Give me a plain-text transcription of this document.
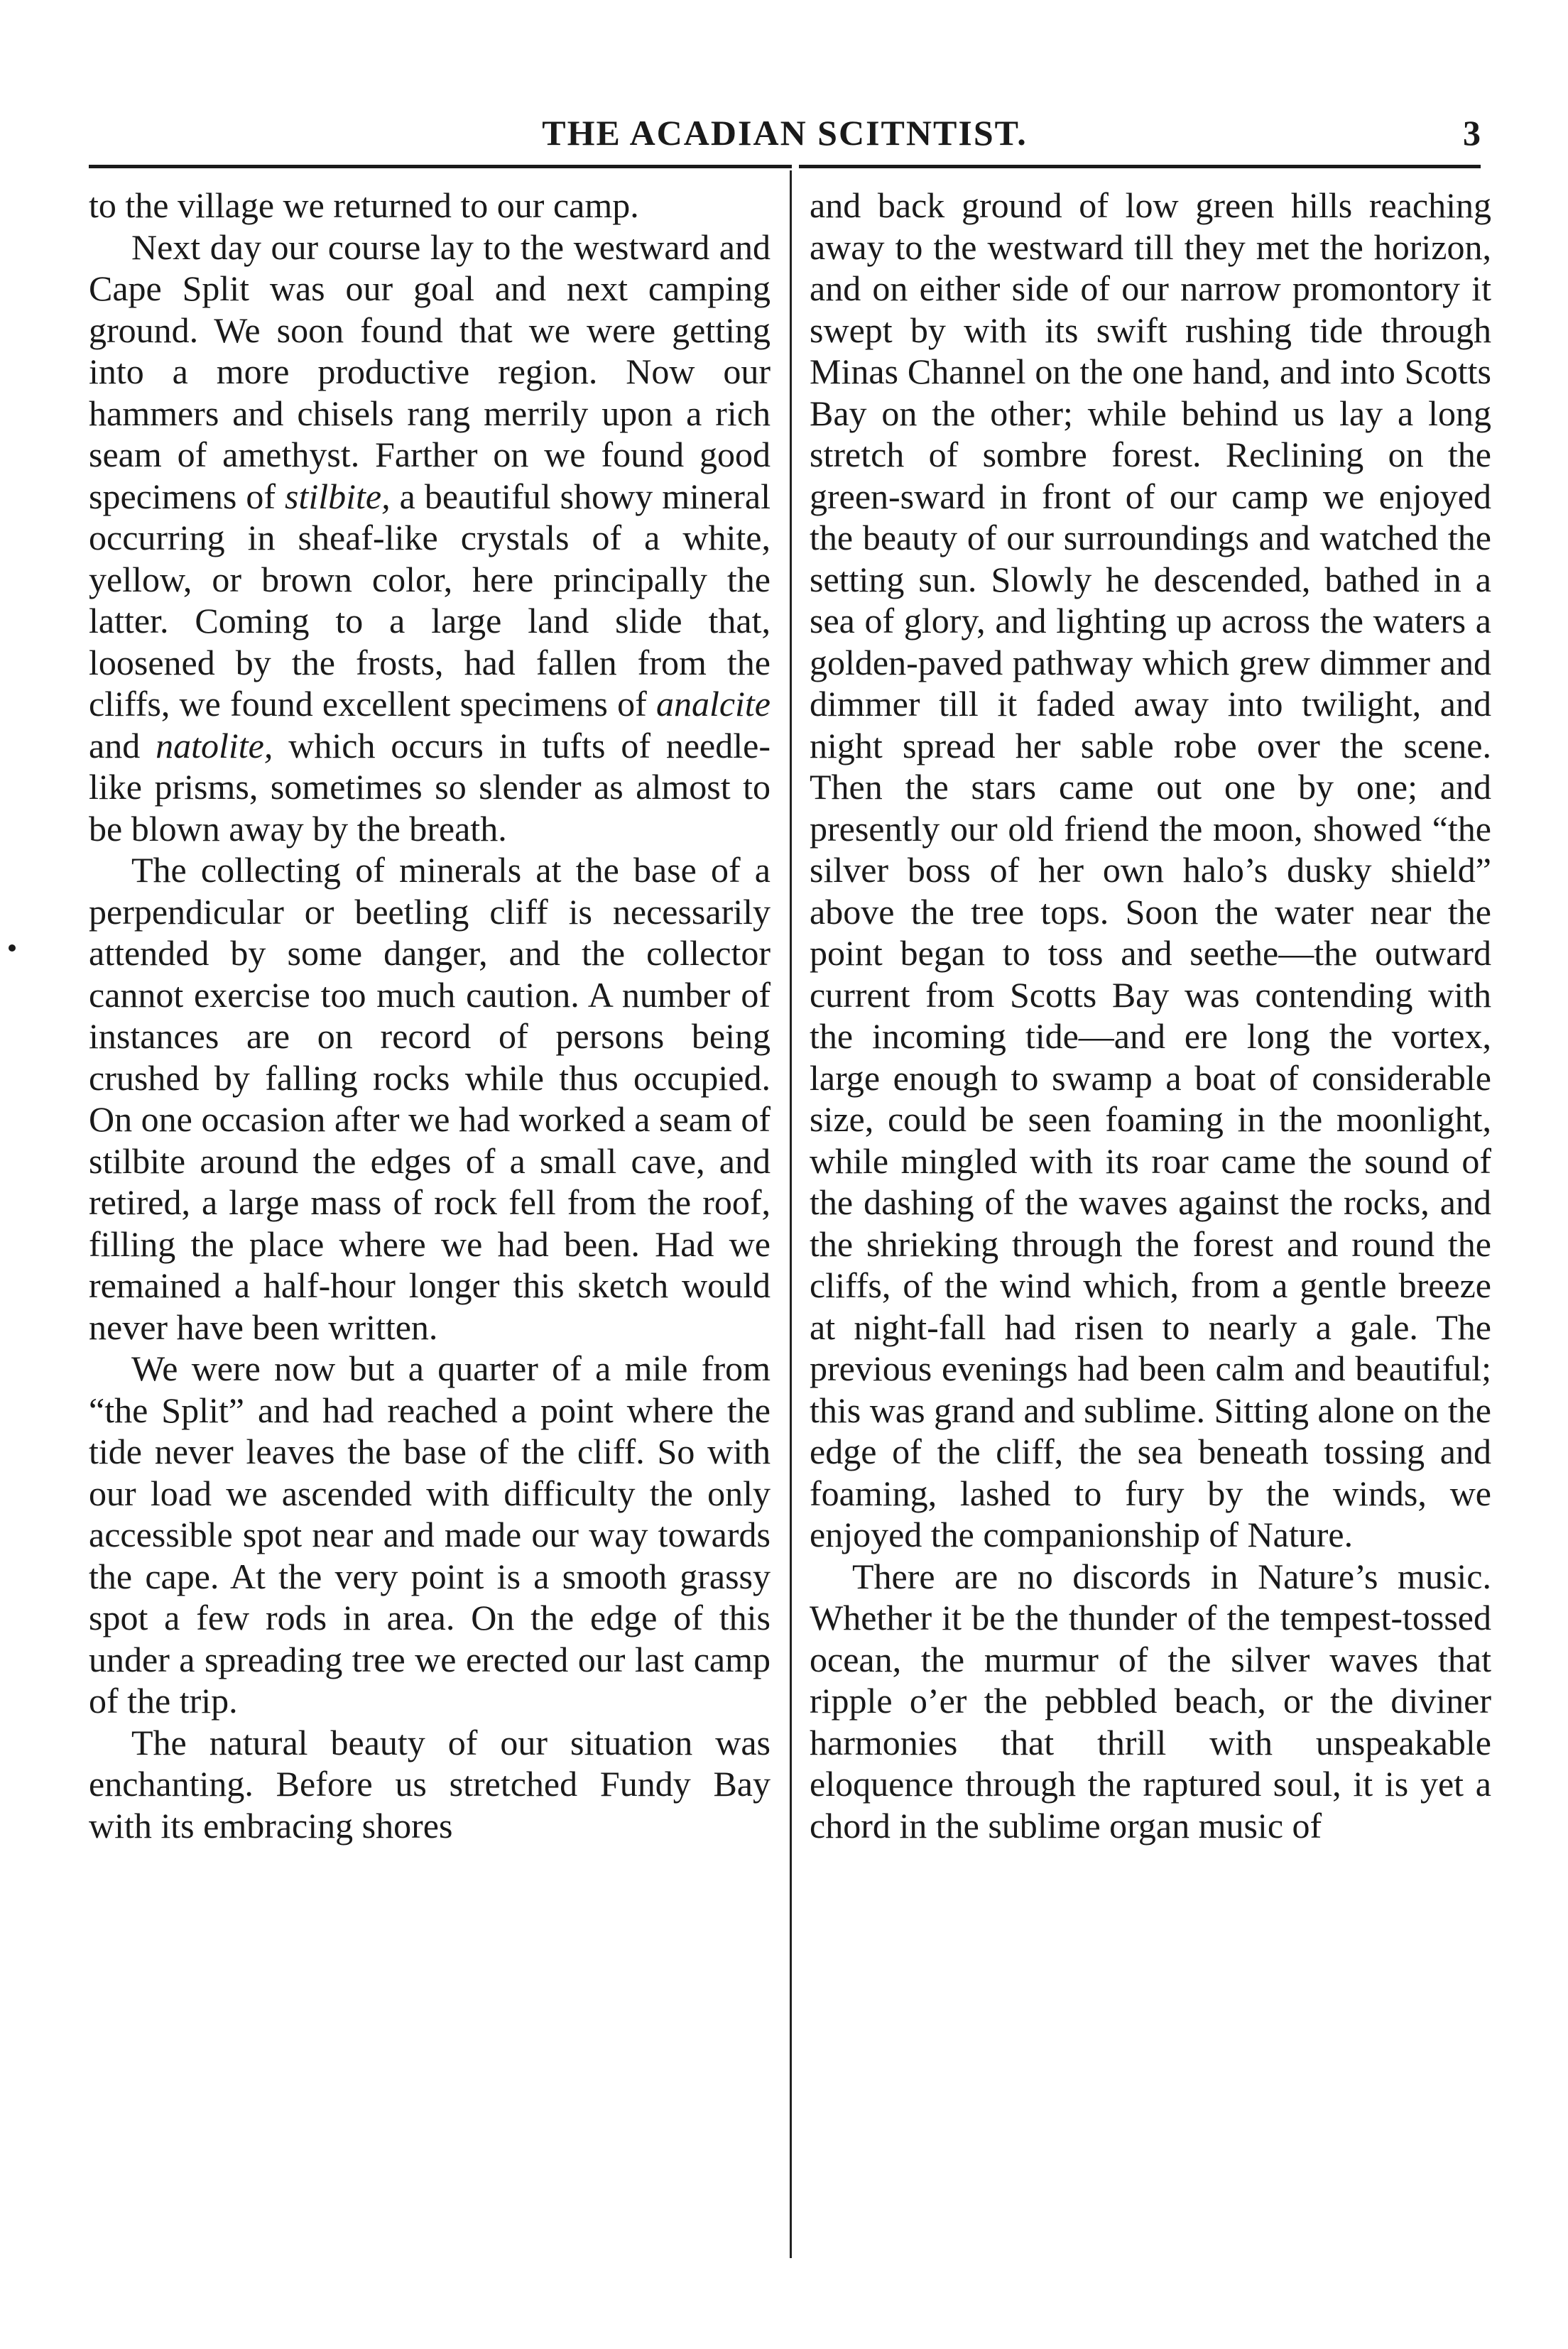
THE ACADIAN SCITNTIST.	3

to the village we returned to our camp.

Next day our course lay to the westward and Cape Split was our goal and next camping ground. We soon found that we were getting into a more productive region. Now our hammers and chisels rang merrily upon a rich seam of amethyst. Farther on we found good specimens of stilbite, a beautiful showy mineral occurring in sheaf-like crystals of a white, yellow, or brown color, here principally the latter. Coming to a large land slide that, loosened by the frosts, had fallen from the cliffs, we found excellent specimens of analcite and natolite, which occurs in tufts of needle-like prisms, sometimes so slender as almost to be blown away by the breath.

The collecting of minerals at the base of a perpendicular or beetling cliff is necessarily attended by some danger, and the collector cannot exercise too much caution. A number of instances are on record of persons being crushed by falling rocks while thus occupied. On one occasion after we had worked a seam of stilbite around the edges of a small cave, and retired, a large mass of rock fell from the roof, filling the place where we had been. Had we remained a half-hour longer this sketch would never have been written.

We were now but a quarter of a mile from “the Split” and had reached a point where the tide never leaves the base of the cliff. So with our load we ascended with difficulty the only accessible spot near and made our way towards the cape. At the very point is a smooth grassy spot a few rods in area. On the edge of this under a spreading tree we erected our last camp of the trip.

The natural beauty of our situation was enchanting. Before us stretched Fundy Bay with its embracing shores

and back ground of low green hills reaching away to the westward till they met the horizon, and on either side of our narrow promontory it swept by with its swift rushing tide through Minas Channel on the one hand, and into Scotts Bay on the other; while behind us lay a long stretch of sombre forest. Reclining on the green-sward in front of our camp we enjoyed the beauty of our surroundings and watched the setting sun. Slowly he descended, bathed in a sea of glory, and lighting up across the waters a golden-paved pathway which grew dimmer and dimmer till it faded away into twilight, and night spread her sable robe over the scene. Then the stars came out one by one; and presently our old friend the moon, showed “the silver boss of her own halo’s dusky shield” above the tree tops. Soon the water near the point began to toss and seethe—the outward current from Scotts Bay was contending with the incoming tide—and ere long the vortex, large enough to swamp a boat of considerable size, could be seen foaming in the moonlight, while mingled with its roar came the sound of the dashing of the waves against the rocks, and the shrieking through the forest and round the cliffs, of the wind which, from a gentle breeze at night-fall had risen to nearly a gale. The previous evenings had been calm and beautiful; this was grand and sublime. Sitting alone on the edge of the cliff, the sea beneath tossing and foaming, lashed to fury by the winds, we enjoyed the companionship of Nature.

There are no discords in Nature’s music. Whether it be the thunder of the tempest-tossed ocean, the murmur of the silver waves that ripple o’er the pebbled beach, or the diviner harmonies that thrill with unspeakable eloquence through the raptured soul, it is yet a chord in the sublime organ music of
